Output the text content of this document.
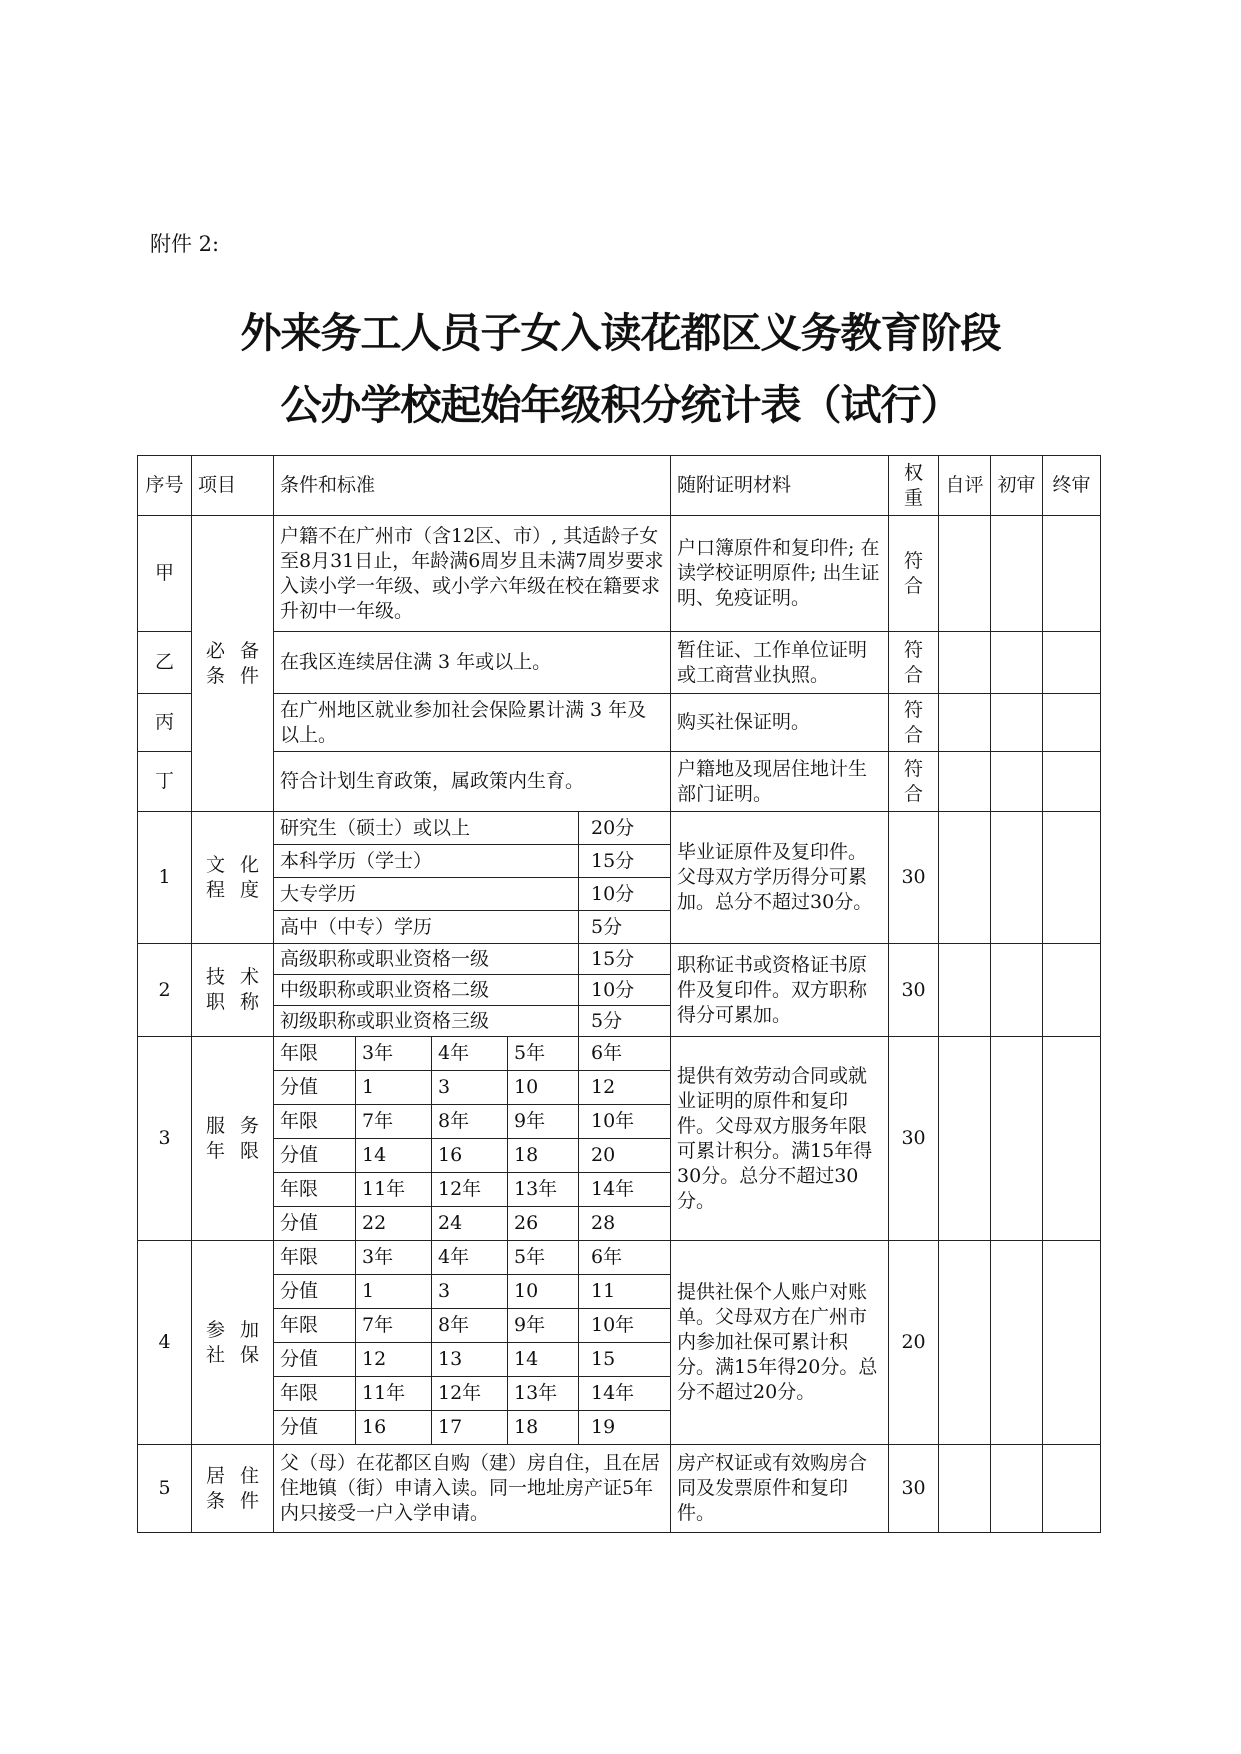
附件 2:
外来务工人员子女入读花都区义务教育阶段
公办学校起始年级积分统计表（试行）
序号	项目	条件和标准					随附证明材料	权重	自评	初审	终审
甲	必备条件	户籍不在广州市（含12区、市）, 其适龄子女至8月31日止，年龄满6周岁且未满7周岁要求入读小学一年级、或小学六年级在校在籍要求升初中一年级。					户口簿原件和复印件; 在读学校证明原件; 出生证明、免疫证明。	符合			
乙		在我区连续居住满 3 年或以上。					暂住证、工作单位证明或工商营业执照。	符合			
丙		在广州地区就业参加社会保险累计满 3 年及以上。					购买社保证明。	符合			
丁		符合计划生育政策，属政策内生育。					户籍地及现居住地计生部门证明。	符合			
1	文化程度	研究生（硕士）或以上				20分	毕业证原件及复印件。父母双方学历得分可累加。总分不超过30分。	30			
		本科学历（学士）				15分					
		大专学历				10分					
		高中（中专）学历				5分					
2	技术职称	高级职称或职业资格一级				15分	职称证书或资格证书原件及复印件。双方职称得分可累加。	30			
		中级职称或职业资格二级				10分					
		初级职称或职业资格三级				5分					
3	服务年限	年限	3年	4年	5年	6年	提供有效劳动合同或就业证明的原件和复印件。父母双方服务年限可累计积分。满15年得30分。总分不超过30分。	30			
		分值	1	3	10	12					
		年限	7年	8年	9年	10年					
		分值	14	16	18	20					
		年限	11年	12年	13年	14年					
		分值	22	24	26	28					
4	参加社保	年限	3年	4年	5年	6年	提供社保个人账户对账单。父母双方在广州市内参加社保可累计积分。满15年得20分。总分不超过20分。	20			
		分值	1	3	10	11					
		年限	7年	8年	9年	10年					
		分值	12	13	14	15					
		年限	11年	12年	13年	14年					
		分值	16	17	18	19					
5	居住条件	父（母）在花都区自购（建）房自住，且在居住地镇（街）申请入读。同一地址房产证5年内只接受一户入学申请。					房产权证或有效购房合同及发票原件和复印件。	30			
